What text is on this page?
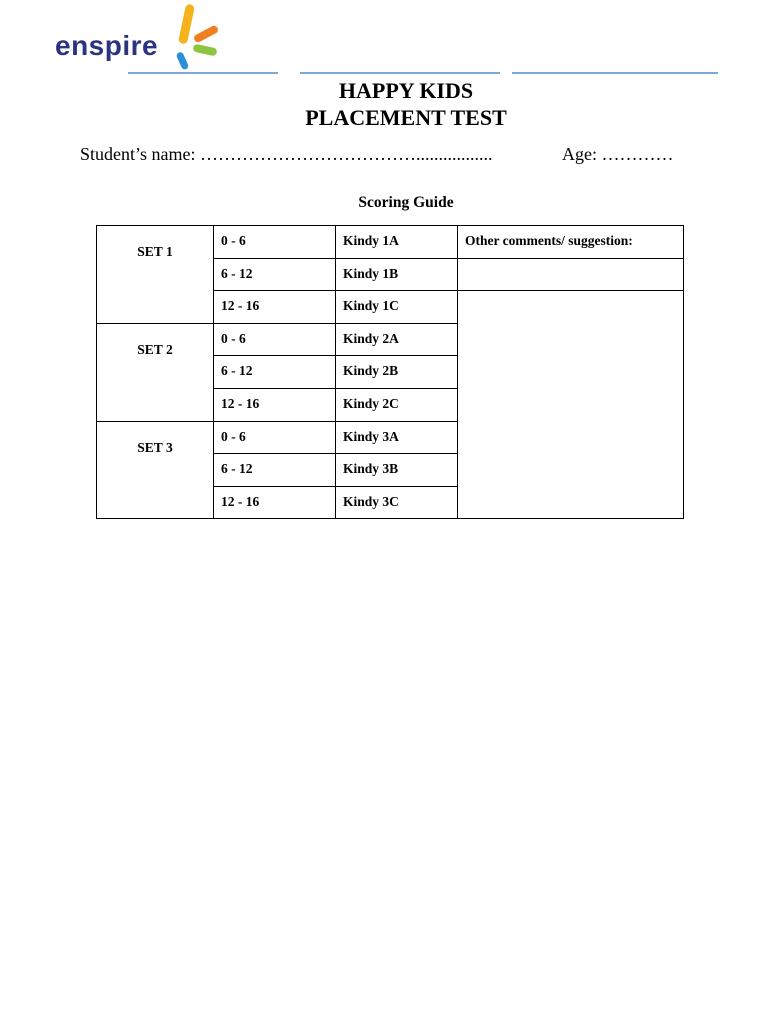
enspire
HAPPY KIDS
PLACEMENT TEST
Student’s name: ……………………………….................	Age: …………
Scoring Guide
SET 1	0 - 6	Kindy 1A	Other comments/ suggestion:
	6 - 12	Kindy 1B	
	12 - 16	Kindy 1C	
SET 2	0 - 6	Kindy 2A	
	6 - 12	Kindy 2B	
	12 - 16	Kindy 2C	
SET 3	0 - 6	Kindy 3A	
	6 - 12	Kindy 3B	
	12 - 16	Kindy 3C	
